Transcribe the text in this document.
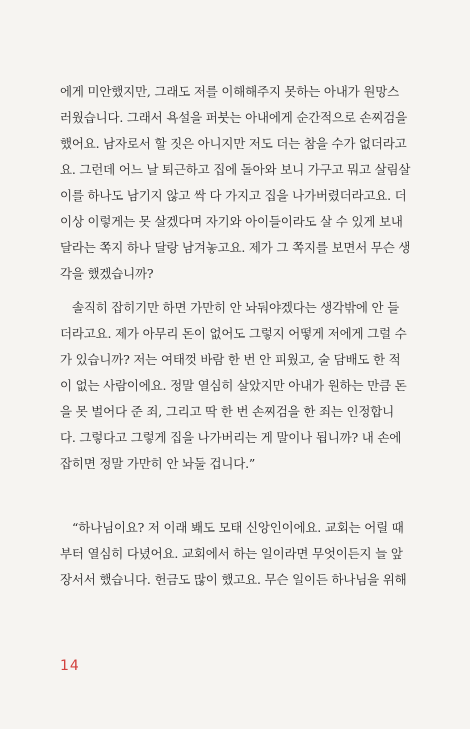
에게 미안했지만, 그래도 저를 이해해주지 못하는 아내가 원망스
러웠습니다. 그래서 욕설을 퍼붓는 아내에게 순간적으로 손찌검을
했어요. 남자로서 할 짓은 아니지만 저도 더는 참을 수가 없더라고
요. 그런데 어느 날 퇴근하고 집에 돌아와 보니 가구고 뭐고 살림살
이를 하나도 남기지 않고 싹 다 가지고 집을 나가버렸더라고요. 더
이상 이렇게는 못 살겠다며 자기와 아이들이라도 살 수 있게 보내
달라는 쪽지 하나 달랑 남겨놓고요. 제가 그 쪽지를 보면서 무슨 생
각을 했겠습니까?
솔직히 잡히기만 하면 가만히 안 놔둬야겠다는 생각밖에 안 들
더라고요. 제가 아무리 돈이 없어도 그렇지 어떻게 저에게 그럴 수
가 있습니까? 저는 여태껏 바람 한 번 안 피웠고, 술 담배도 한 적
이 없는 사람이에요. 정말 열심히 살았지만 아내가 원하는 만큼 돈
을 못 벌어다 준 죄, 그리고 딱 한 번 손찌검을 한 죄는 인정합니
다. 그렇다고 그렇게 집을 나가버리는 게 말이나 됩니까? 내 손에
잡히면 정말 가만히 안 놔둘 겁니다.”
“하나님이요? 저 이래 봬도 모태 신앙인이에요. 교회는 어릴 때
부터 열심히 다녔어요. 교회에서 하는 일이라면 무엇이든지 늘 앞
장서서 했습니다. 헌금도 많이 했고요. 무슨 일이든 하나님을 위해
14
